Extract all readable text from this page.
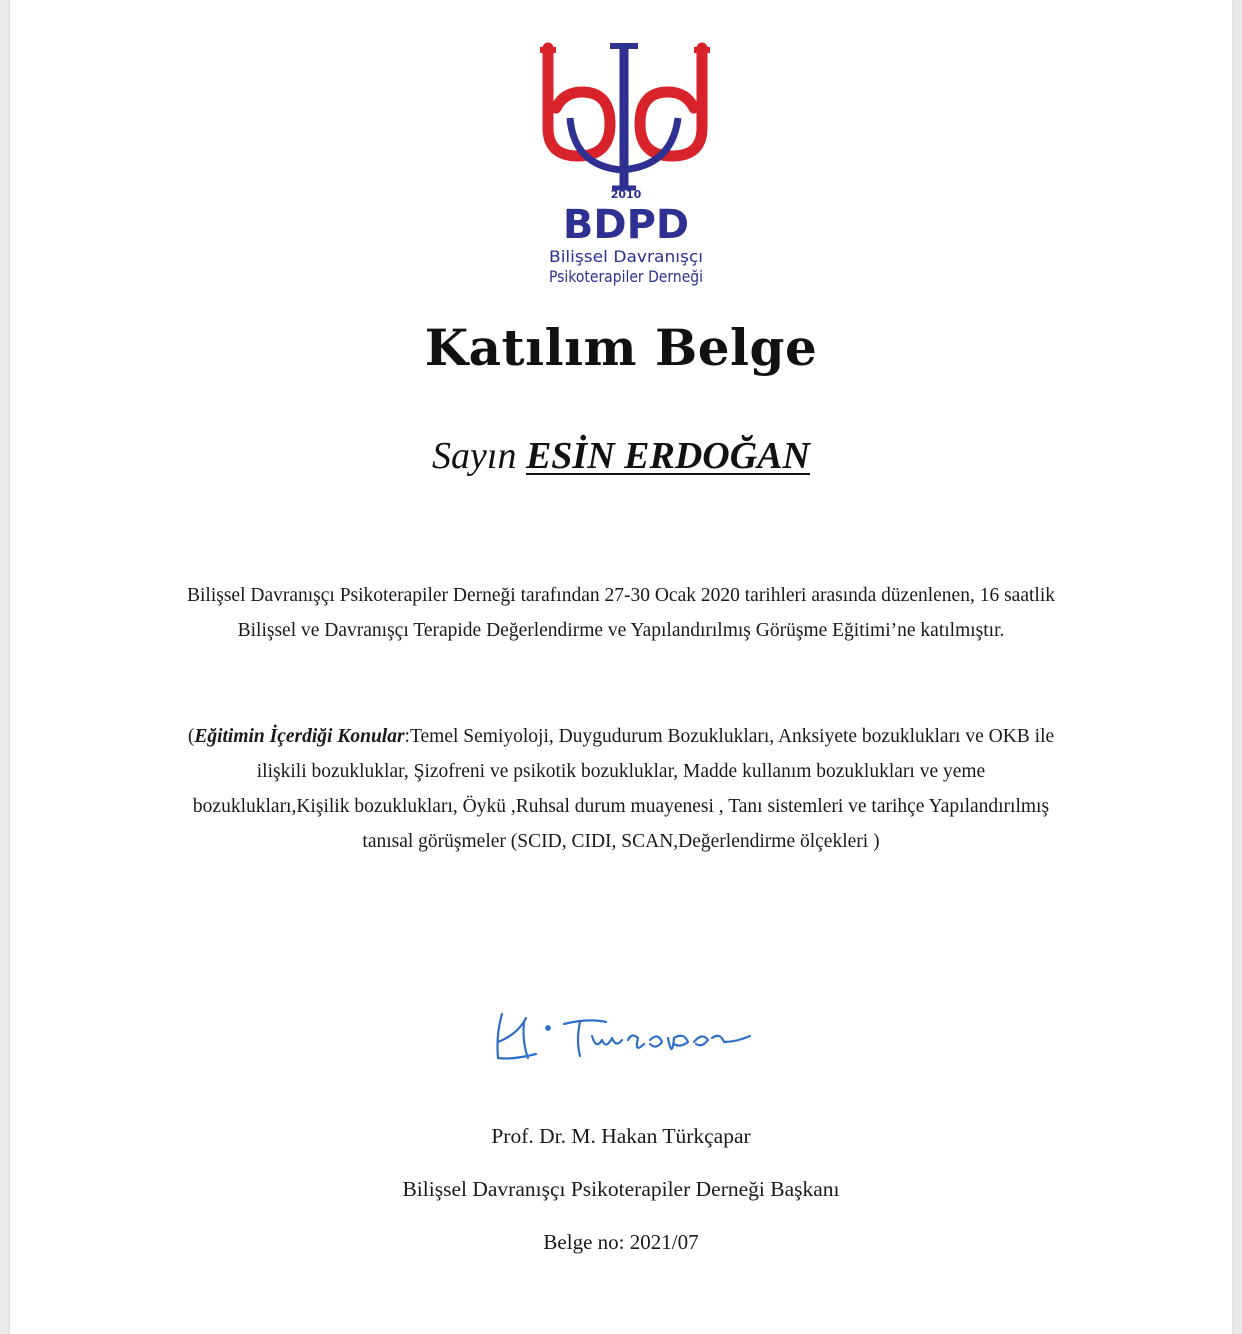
2010
BDPD
Bilişsel Davranışçı
Psikoterapiler Derneği
Katılım Belge
Sayın ESİN ERDOĞAN
Bilişsel Davranışçı Psikoterapiler Derneği tarafından 27-30 Ocak 2020 tarihleri arasında düzenlenen, 16 saatlik
Bilişsel ve Davranışçı Terapide Değerlendirme ve Yapılandırılmış Görüşme Eğitimi’ne katılmıştır.
(Eğitimin İçerdiği Konular:Temel Semiyoloji, Duygudurum Bozuklukları, Anksiyete bozuklukları ve OKB ile ilişkili bozukluklar, Şizofreni ve psikotik bozukluklar, Madde kullanım bozuklukları ve yeme bozuklukları,Kişilik bozuklukları, Öykü ,Ruhsal durum muayenesi , Tanı sistemleri ve tarihçe Yapılandırılmış tanısal görüşmeler (SCID, CIDI, SCAN,Değerlendirme ölçekleri )
Prof. Dr. M. Hakan Türkçapar
Bilişsel Davranışçı Psikoterapiler Derneği Başkanı
Belge no: 2021/07
